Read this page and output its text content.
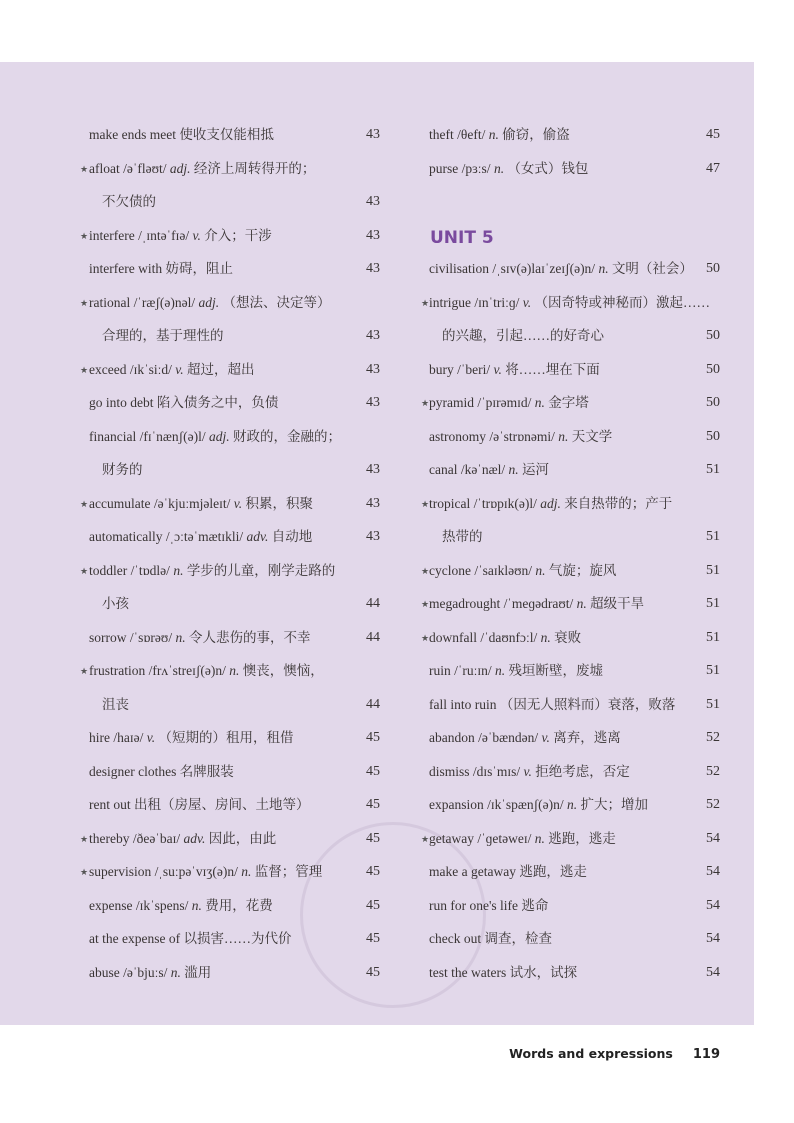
make ends meet 使收支仅能相抵	43
★ afloat /əˈfləʊt/ adj. 经济上周转得开的；
不欠债的	43
★ interfere /ˌɪntəˈfɪə/ v. 介入；干涉	43
interfere with 妨碍，阻止	43
★ rational /ˈræʃ(ə)nəl/ adj. （想法、决定等）
合理的，基于理性的	43
★ exceed /ɪkˈsiːd/ v. 超过，超出	43
go into debt 陷入债务之中，负债	43
financial /fɪˈnænʃ(ə)l/ adj. 财政的，金融的；
财务的	43
★ accumulate /əˈkjuːmjəleɪt/ v. 积累，积聚	43
automatically /ˌɔːtəˈmætɪkli/ adv. 自动地	43
★ toddler /ˈtɒdlə/ n. 学步的儿童，刚学走路的
小孩	44
sorrow /ˈsɒrəʊ/ n. 令人悲伤的事，不幸	44
★ frustration /frʌˈstreɪʃ(ə)n/ n. 懊丧，懊恼，
沮丧	44
hire /haɪə/ v. （短期的）租用，租借	45
designer clothes 名牌服装	45
rent out 出租（房屋、房间、土地等）	45
★ thereby /ðeəˈbaɪ/ adv. 因此，由此	45
★ supervision /ˌsuːpəˈvɪʒ(ə)n/ n. 监督；管理	45
expense /ɪkˈspens/ n. 费用，花费	45
at the expense of 以损害……为代价	45
abuse /əˈbjuːs/ n. 滥用	45
theft /θeft/ n. 偷窃，偷盗	45
purse /pɜːs/ n. （女式）钱包	47
civilisation /ˌsɪv(ə)laɪˈzeɪʃ(ə)n/ n. 文明（社会） 50
★ intrigue /ɪnˈtriːɡ/ v. （因奇特或神秘而）激起……
的兴趣，引起……的好奇心	50
bury /ˈberi/ v. 将……埋在下面	50
★ pyramid /ˈpɪrəmɪd/ n. 金字塔	50
astronomy /əˈstrɒnəmi/ n. 天文学	50
canal /kəˈnæl/ n. 运河	51
★ tropical /ˈtrɒpɪk(ə)l/ adj. 来自热带的；产于
热带的	51
★ cyclone /ˈsaɪkləʊn/ n. 气旋；旋风	51
★ megadrought /ˈmeɡədraʊt/ n. 超级干旱	51
★ downfall /ˈdaʊnfɔːl/ n. 衰败	51
ruin /ˈruːɪn/ n. 残垣断壁，废墟	51
fall into ruin （因无人照料而）衰落，败落	51
abandon /əˈbændən/ v. 离弃，逃离	52
dismiss /dɪsˈmɪs/ v. 拒绝考虑，否定	52
expansion /ɪkˈspænʃ(ə)n/ n. 扩大；增加	52
★ getaway /ˈɡetəweɪ/ n. 逃跑，逃走	54
make a getaway 逃跑，逃走	54
run for one's life 逃命	54
check out 调查，检查	54
test the waters 试水，试探	54
UNIT 5
Words and expressions 119
